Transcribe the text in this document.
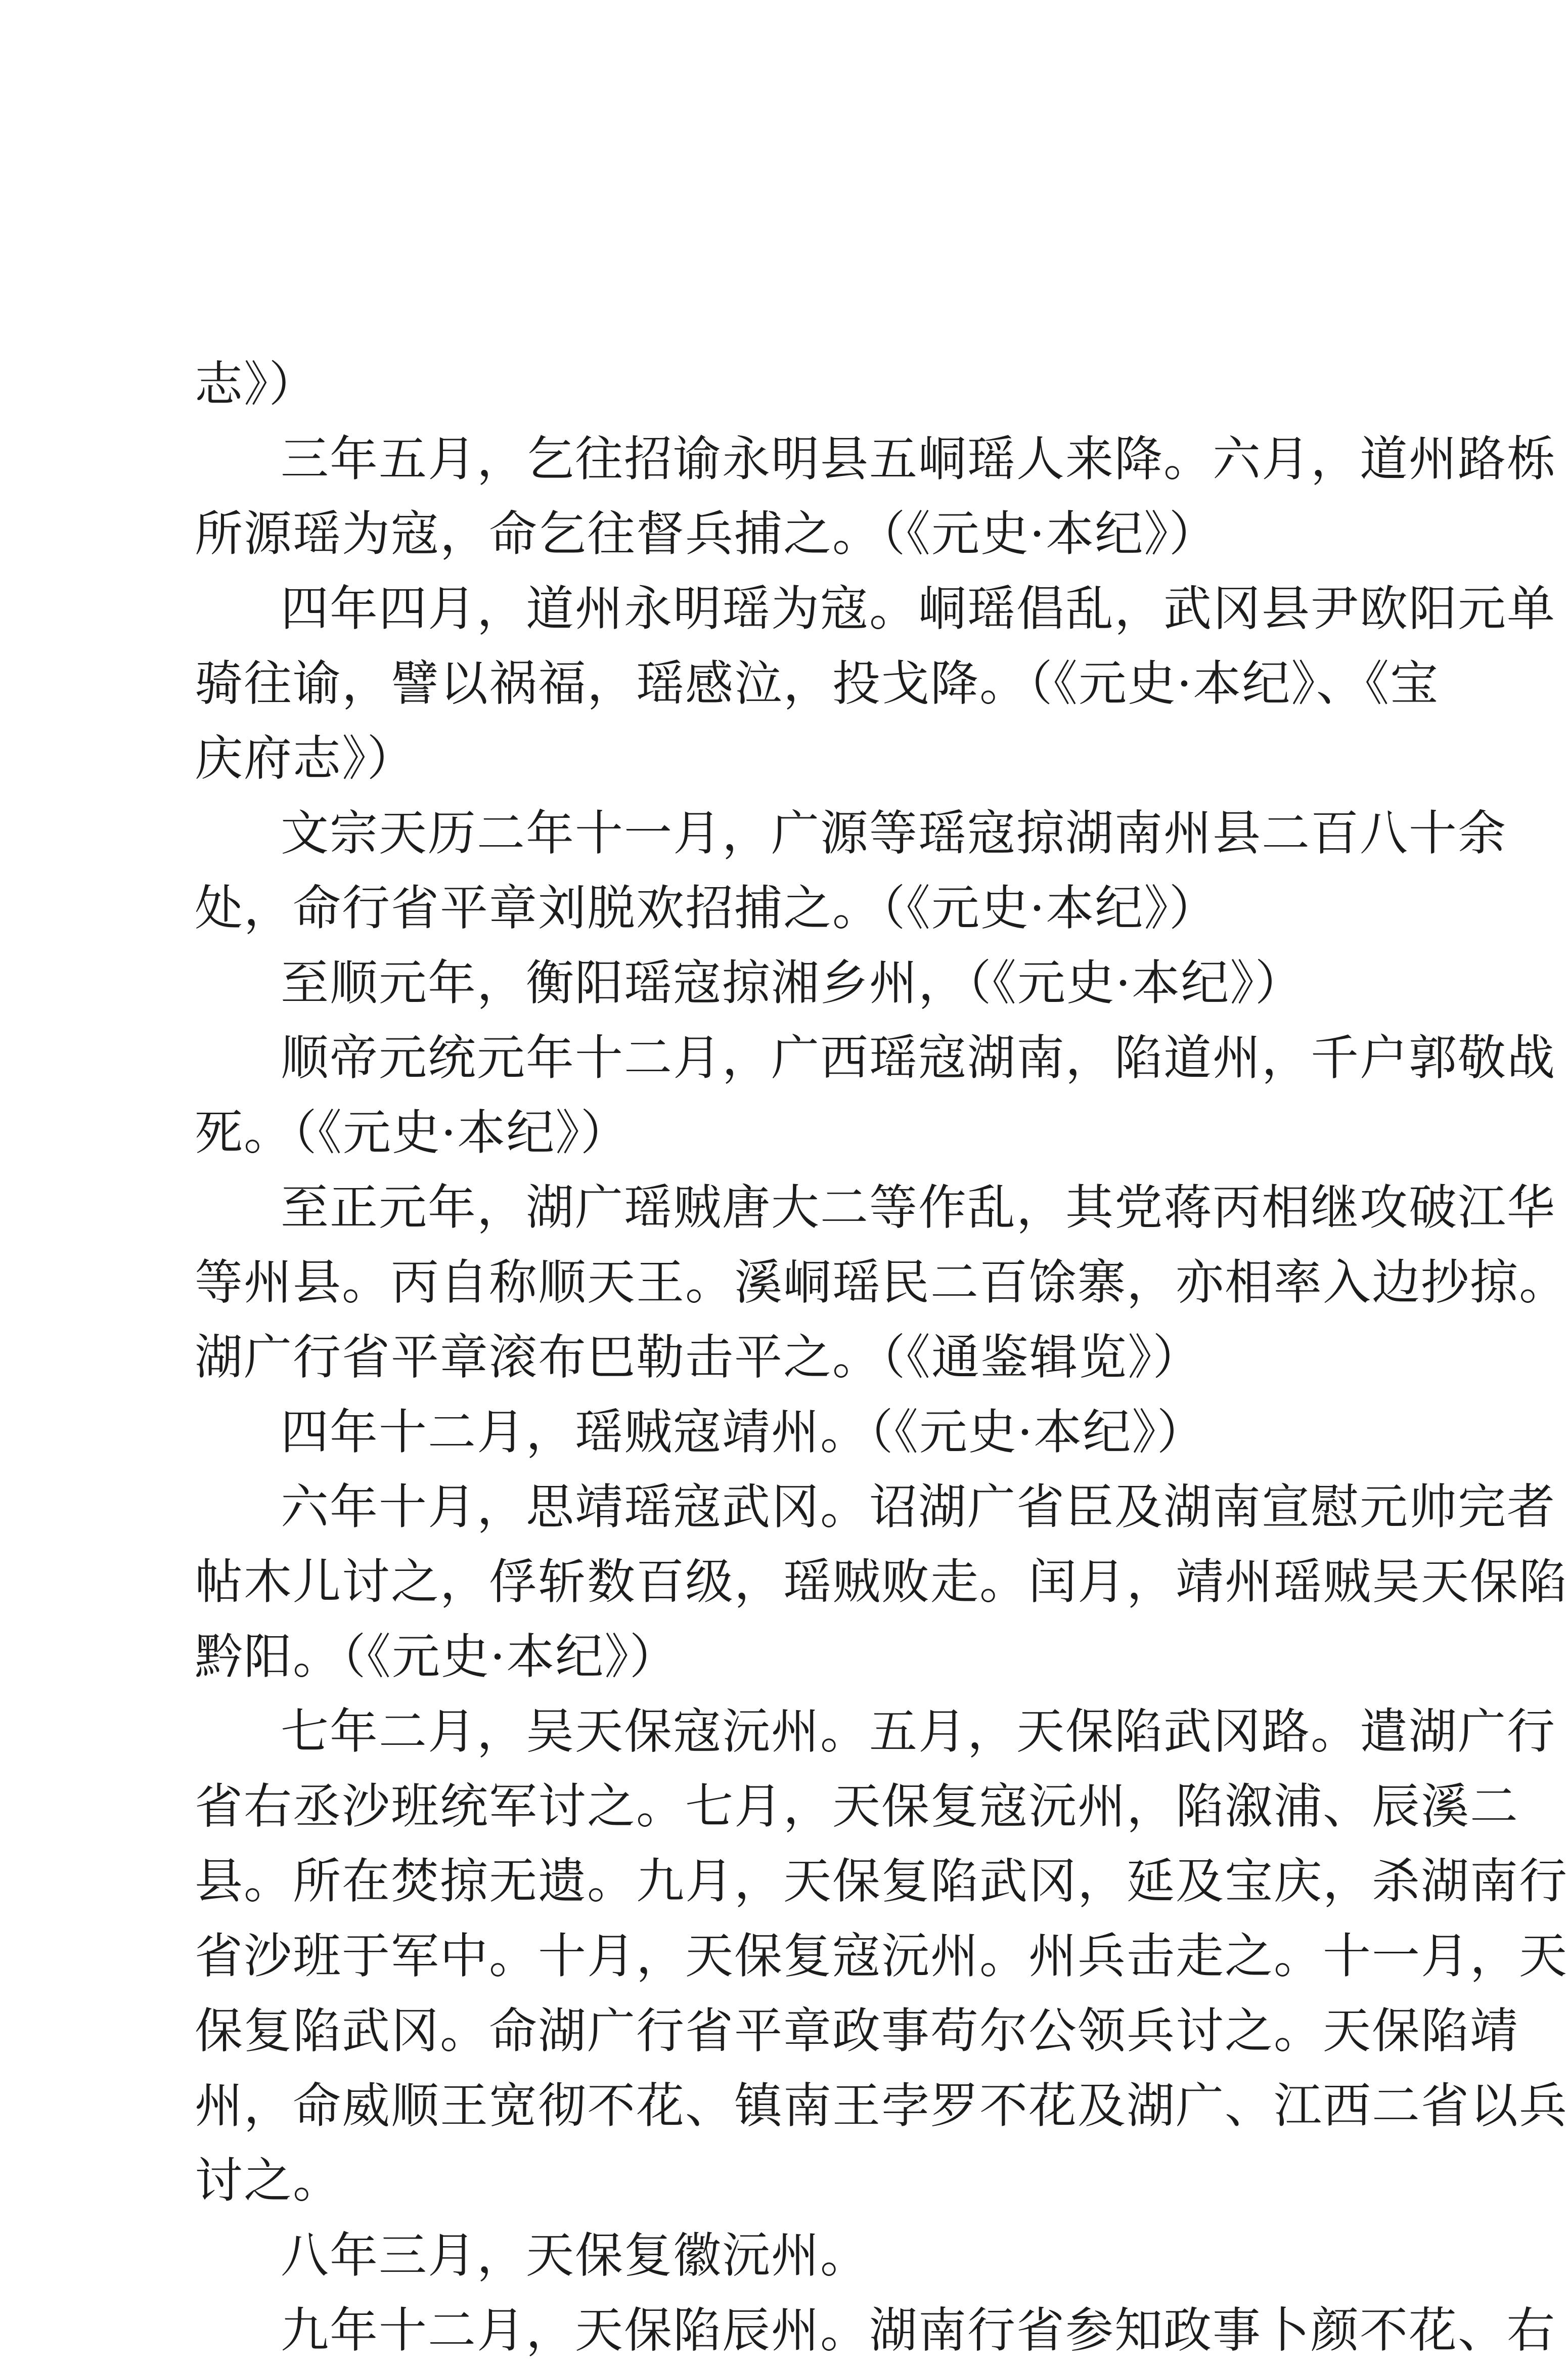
志》）
三年五月，乞往招谕永明县五峒瑶人来降。六月，道州路栎
所源瑶为寇，命乞往督兵捕之。（《元史·本纪》）
四年四月，道州永明瑶为寇。峒瑶倡乱，武冈县尹欧阳元单
骑往谕，譬以祸福，瑶感泣，投戈降。（《元史·本纪》、《宝
庆府志》）
文宗天历二年十一月，广源等瑶寇掠湖南州县二百八十余
处，命行省平章刘脱欢招捕之。（《元史·本纪》）
至顺元年，衡阳瑶寇掠湘乡州，（《元史·本纪》）
顺帝元统元年十二月，广西瑶寇湖南，陷道州，千户郭敬战
死。（《元史·本纪》）
至正元年，湖广瑶贼唐大二等作乱，其党蒋丙相继攻破江华
等州县。丙自称顺天王。溪峒瑶民二百馀寨，亦相率入边抄掠。
湖广行省平章滚布巴勒击平之。（《通鉴辑览》）
四年十二月，瑶贼寇靖州。（《元史·本纪》）
六年十月，思靖瑶寇武冈。诏湖广省臣及湖南宣慰元帅完者
帖木儿讨之，俘斩数百级，瑶贼败走。闰月，靖州瑶贼吴天保陷
黔阳。（《元史·本纪》）
七年二月，吴天保寇沅州。五月，天保陷武冈路。遣湖广行
省右丞沙班统军讨之。七月，天保复寇沅州，陷溆浦、辰溪二
县。所在焚掠无遗。九月，天保复陷武冈，延及宝庆，杀湖南行
省沙班于军中。十月，天保复寇沅州。州兵击走之。十一月，天
保复陷武冈。命湖广行省平章政事苟尔公领兵讨之。天保陷靖
州，命威顺王宽彻不花、镇南王孛罗不花及湖广、江西二省以兵
讨之。
八年三月，天保复徽沅州。
九年十二月，天保陷辰州。湖南行省参知政事卜颜不花、右
